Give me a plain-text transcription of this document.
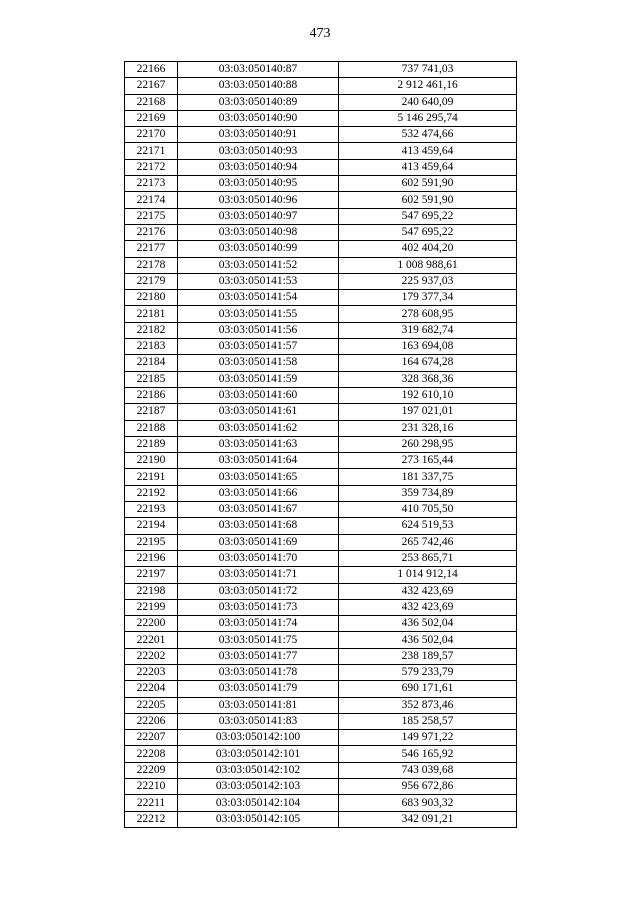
473
22166	03:03:050140:87	737 741,03
22167	03:03:050140:88	2 912 461,16
22168	03:03:050140:89	240 640,09
22169	03:03:050140:90	5 146 295,74
22170	03:03:050140:91	532 474,66
22171	03:03:050140:93	413 459,64
22172	03:03:050140:94	413 459,64
22173	03:03:050140:95	602 591,90
22174	03:03:050140:96	602 591,90
22175	03:03:050140:97	547 695,22
22176	03:03:050140:98	547 695,22
22177	03:03:050140:99	402 404,20
22178	03:03:050141:52	1 008 988,61
22179	03:03:050141:53	225 937,03
22180	03:03:050141:54	179 377,34
22181	03:03:050141:55	278 608,95
22182	03:03:050141:56	319 682,74
22183	03:03:050141:57	163 694,08
22184	03:03:050141:58	164 674,28
22185	03:03:050141:59	328 368,36
22186	03:03:050141:60	192 610,10
22187	03:03:050141:61	197 021,01
22188	03:03:050141:62	231 328,16
22189	03:03:050141:63	260 298,95
22190	03:03:050141:64	273 165,44
22191	03:03:050141:65	181 337,75
22192	03:03:050141:66	359 734,89
22193	03:03:050141:67	410 705,50
22194	03:03:050141:68	624 519,53
22195	03:03:050141:69	265 742,46
22196	03:03:050141:70	253 865,71
22197	03:03:050141:71	1 014 912,14
22198	03:03:050141:72	432 423,69
22199	03:03:050141:73	432 423,69
22200	03:03:050141:74	436 502,04
22201	03:03:050141:75	436 502,04
22202	03:03:050141:77	238 189,57
22203	03:03:050141:78	579 233,79
22204	03:03:050141:79	690 171,61
22205	03:03:050141:81	352 873,46
22206	03:03:050141:83	185 258,57
22207	03:03:050142:100	149 971,22
22208	03:03:050142:101	546 165,92
22209	03:03:050142:102	743 039,68
22210	03:03:050142:103	956 672,86
22211	03:03:050142:104	683 903,32
22212	03:03:050142:105	342 091,21
